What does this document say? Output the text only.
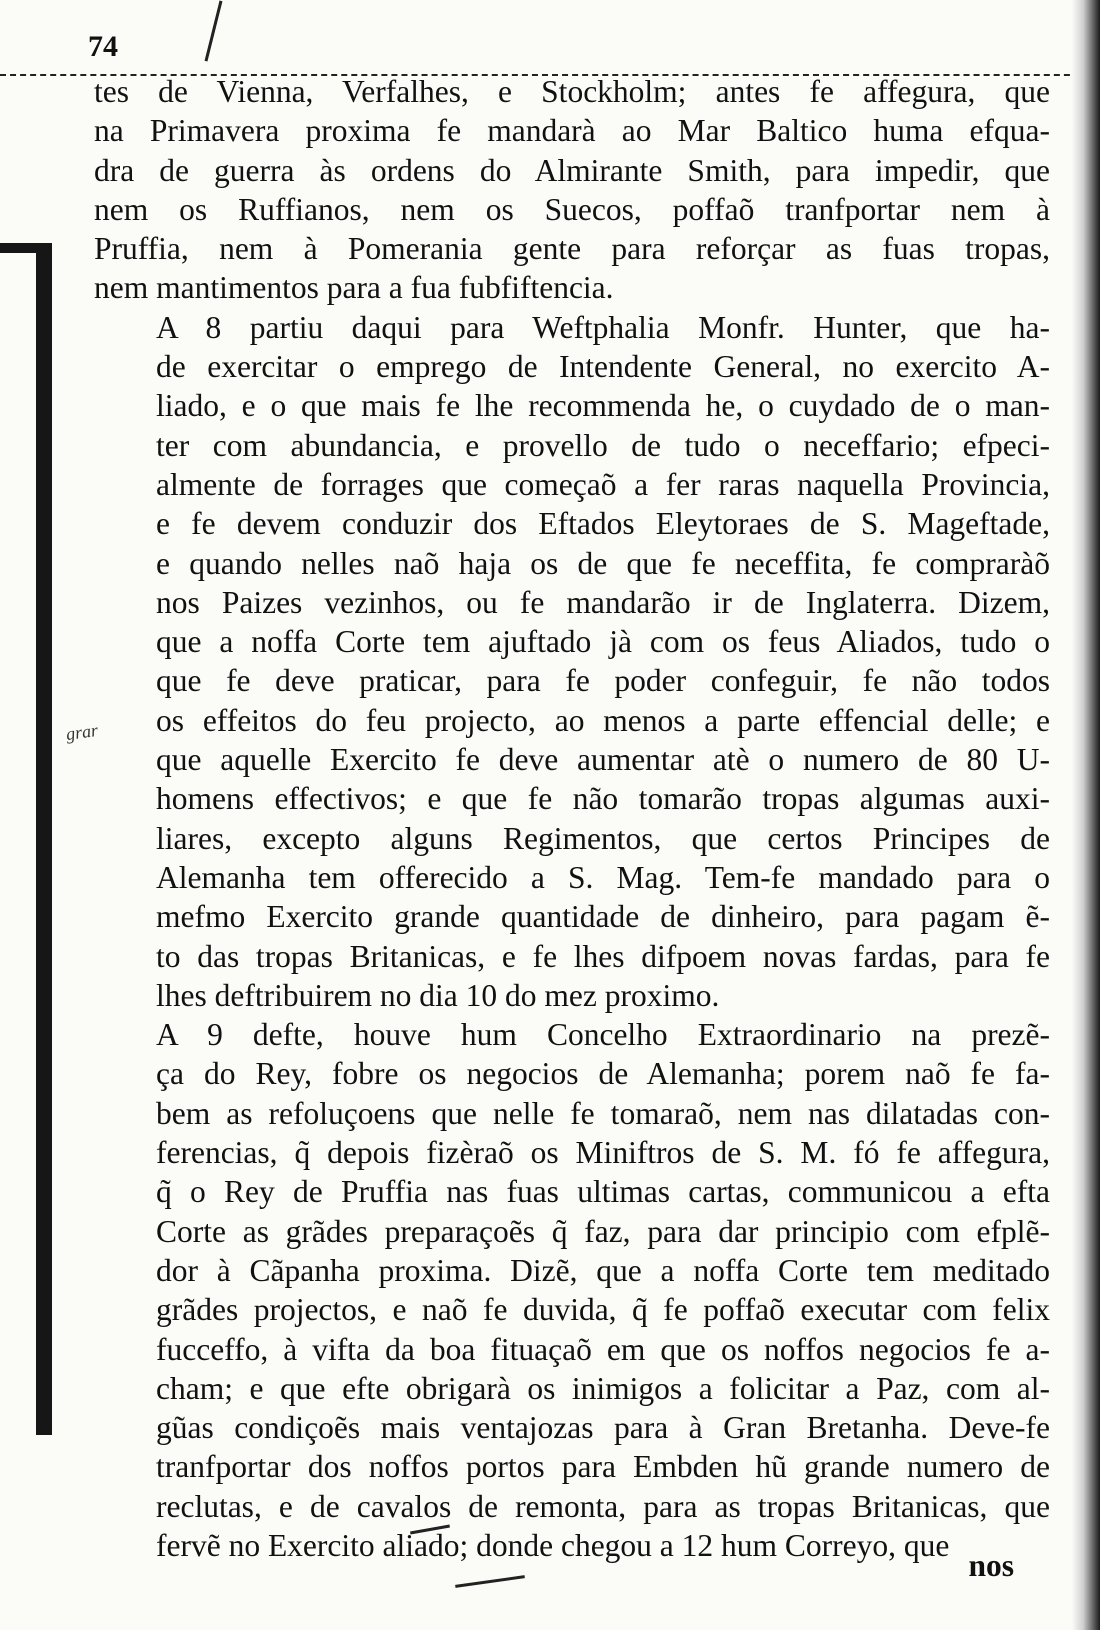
74
grar
tes de Vienna, Verfalhes, e Stockholm; antes fe affegura, que
na Primavera proxima fe mandarà ao Mar Baltico huma efqua-
dra de guerra às ordens do Almirante Smith, para impedir, que
nem os Ruffianos, nem os Suecos, poffaõ tranfportar nem à
Pruffia, nem à Pomerania gente para reforçar as fuas tropas,
nem mantimentos para a fua fubfiftencia.
A 8 partiu daqui para Weftphalia Monfr. Hunter, que ha-
de exercitar o emprego de Intendente General, no exercito A-
liado, e o que mais fe lhe recommenda he, o cuydado de o man-
ter com abundancia, e provello de tudo o neceffario; efpeci-
almente de forrages que começaõ a fer raras naquella Provincia,
e fe devem conduzir dos Eftados Eleytoraes de S. Mageftade,
e quando nelles naõ haja os de que fe neceffita, fe compraràõ
nos Paizes vezinhos, ou fe mandarão ir de Inglaterra. Dizem,
que a noffa Corte tem ajuftado jà com os feus Aliados, tudo o
que fe deve praticar, para fe poder confeguir, fe não todos
os effeitos do feu projecto, ao menos a parte effencial delle; e
que aquelle Exercito fe deve aumentar atè o numero de 80 U-
homens effectivos; e que fe não tomarão tropas algumas auxi-
liares, excepto alguns Regimentos, que certos Principes de
Alemanha tem offerecido a S. Mag. Tem-fe mandado para o
mefmo Exercito grande quantidade de dinheiro, para pagam ẽ-
to das tropas Britanicas, e fe lhes difpoem novas fardas, para fe
lhes deftribuirem no dia 10 do mez proximo.
A 9 defte, houve hum Concelho Extraordinario na prezẽ-
ça do Rey, fobre os negocios de Alemanha; porem naõ fe fa-
bem as refoluçoens que nelle fe tomaraõ, nem nas dilatadas con-
ferencias, q̃ depois fizèraõ os Miniftros de S. M. fó fe affegura,
q̃ o Rey de Pruffia nas fuas ultimas cartas, communicou a efta
Corte as grãdes preparaçoẽs q̃ faz, para dar principio com efplẽ-
dor à Cãpanha proxima. Dizẽ, que a noffa Corte tem meditado
grãdes projectos, e naõ fe duvida, q̃ fe poffaõ executar com felix
fucceffo, à vifta da boa fituaçaõ em que os noffos negocios fe a-
cham; e que efte obrigarà os inimigos a folicitar a Paz, com al-
gũas condiçoẽs mais ventajozas para à Gran Bretanha. Deve-fe
tranfportar dos noffos portos para Embden hũ grande numero de
reclutas, e de cavalos de remonta, para as tropas Britanicas, que
fervẽ no Exercito aliado; donde chegou a 12 hum Correyo, que
nos
